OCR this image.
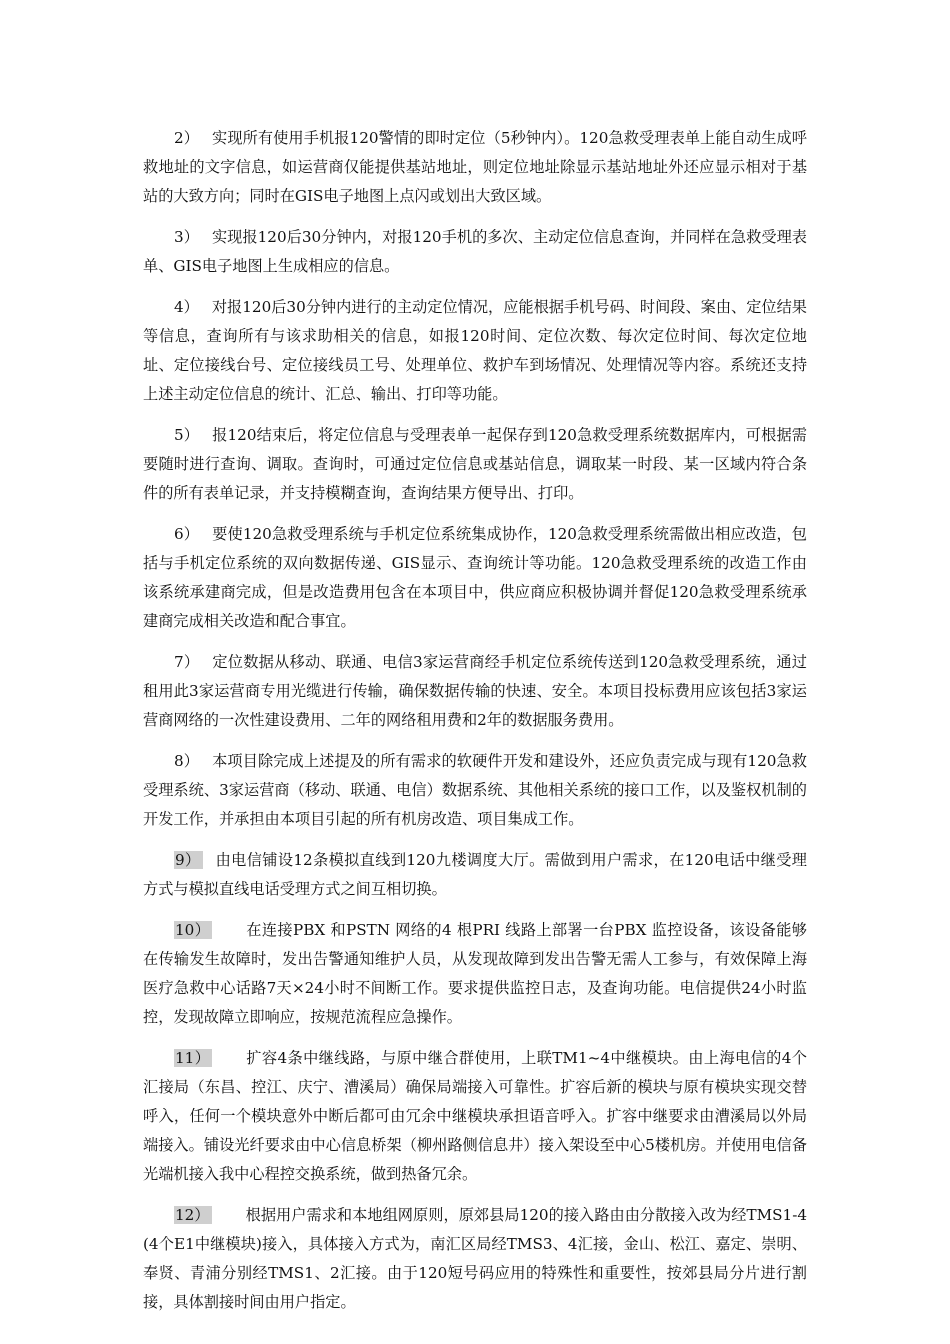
2） 实现所有使用手机报120警情的即时定位（5秒钟内）。120急救受理表单上能自动生成呼救地址的文字信息，如运营商仅能提供基站地址，则定位地址除显示基站地址外还应显示相对于基站的大致方向；同时在GIS电子地图上点闪或划出大致区域。

3） 实现报120后30分钟内，对报120手机的多次、主动定位信息查询，并同样在急救受理表单、GIS电子地图上生成相应的信息。

4） 对报120后30分钟内进行的主动定位情况，应能根据手机号码、时间段、案由、定位结果等信息，查询所有与该求助相关的信息，如报120时间、定位次数、每次定位时间、每次定位地址、定位接线台号、定位接线员工号、处理单位、救护车到场情况、处理情况等内容。系统还支持上述主动定位信息的统计、汇总、输出、打印等功能。

5） 报120结束后，将定位信息与受理表单一起保存到120急救受理系统数据库内，可根据需要随时进行查询、调取。查询时，可通过定位信息或基站信息，调取某一时段、某一区域内符合条件的所有表单记录，并支持模糊查询，查询结果方便导出、打印。

6） 要使120急救受理系统与手机定位系统集成协作，120急救受理系统需做出相应改造，包括与手机定位系统的双向数据传递、GIS显示、查询统计等功能。120急救受理系统的改造工作由该系统承建商完成，但是改造费用包含在本项目中，供应商应积极协调并督促120急救受理系统承建商完成相关改造和配合事宜。

7） 定位数据从移动、联通、电信3家运营商经手机定位系统传送到120急救受理系统，通过租用此3家运营商专用光缆进行传输，确保数据传输的快速、安全。本项目投标费用应该包括3家运营商网络的一次性建设费用、二年的网络租用费和2年的数据服务费用。

8） 本项目除完成上述提及的所有需求的软硬件开发和建设外，还应负责完成与现有120急救受理系统、3家运营商（移动、联通、电信）数据系统、其他相关系统的接口工作，以及鉴权机制的开发工作，并承担由本项目引起的所有机房改造、项目集成工作。

9） 由电信铺设12条模拟直线到120九楼调度大厅。需做到用户需求，在120电话中继受理方式与模拟直线电话受理方式之间互相切换。

10） 在连接PBX 和PSTN 网络的4 根PRI 线路上部署一台PBX 监控设备，该设备能够在传输发生故障时，发出告警通知维护人员，从发现故障到发出告警无需人工参与，有效保障上海医疗急救中心话路7天×24小时不间断工作。要求提供监控日志，及查询功能。电信提供24小时监控，发现故障立即响应，按规范流程应急操作。

11） 扩容4条中继线路，与原中继合群使用，上联TM1~4中继模块。由上海电信的4个汇接局（东昌、控江、庆宁、漕溪局）确保局端接入可靠性。扩容后新的模块与原有模块实现交替呼入，任何一个模块意外中断后都可由冗余中继模块承担语音呼入。扩容中继要求由漕溪局以外局端接入。铺设光纤要求由中心信息桥架（柳州路侧信息井）接入架设至中心5楼机房。并使用电信备光端机接入我中心程控交换系统，做到热备冗余。

12） 根据用户需求和本地组网原则，原郊县局120的接入路由由分散接入改为经TMS1-4(4个E1中继模块)接入，具体接入方式为，南汇区局经TMS3、4汇接，金山、松江、嘉定、崇明、奉贤、青浦分别经TMS1、2汇接。由于120短号码应用的特殊性和重要性，按郊县局分片进行割接，具体割接时间由用户指定。
